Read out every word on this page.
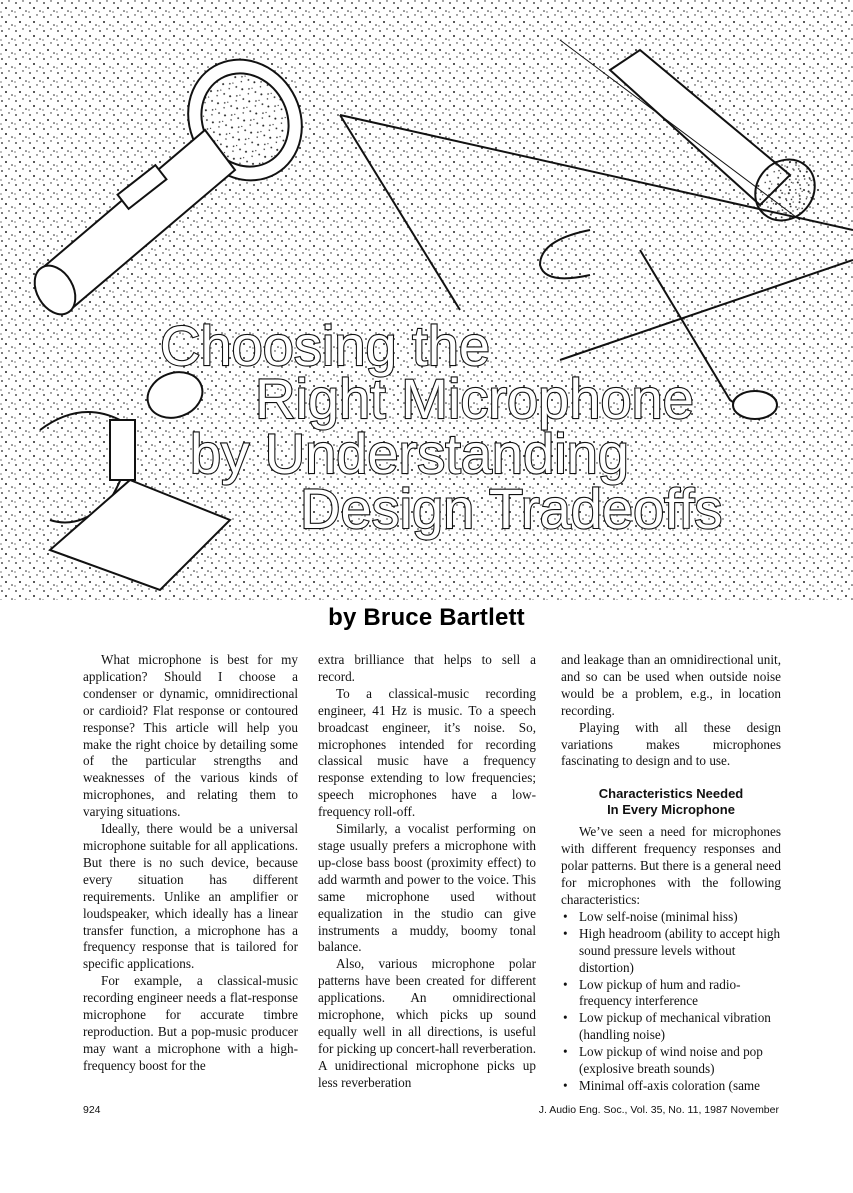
Choosing the
Right Microphone
by Understanding
Design Tradeoffs
by Bruce Bartlett

What microphone is best for my application? Should I choose a condenser or dynamic, omnidirectional or cardioid? Flat response or contoured response? This article will help you make the right choice by detailing some of the particular strengths and weaknesses of the various kinds of microphones, and relating them to varying situations.

Ideally, there would be a universal microphone suitable for all applications. But there is no such device, because every situation has different requirements. Unlike an amplifier or loudspeaker, which ideally has a linear transfer function, a microphone has a frequency response that is tailored for specific applications.

For example, a classical-music recording engineer needs a flat-response microphone for accurate timbre reproduction. But a pop-music producer may want a microphone with a high-frequency boost for the

extra brilliance that helps to sell a record.

To a classical-music recording engineer, 41 Hz is music. To a speech broadcast engineer, it’s noise. So, microphones intended for recording classical music have a frequency response extending to low frequencies; speech microphones have a low-frequency roll-off.

Similarly, a vocalist performing on stage usually prefers a microphone with up-close bass boost (proximity effect) to add warmth and power to the voice. This same microphone used without equalization in the studio can give instruments a muddy, boomy tonal balance.

Also, various microphone polar patterns have been created for different applications. An omnidirectional microphone, which picks up sound equally well in all directions, is useful for picking up concert-hall reverberation. A unidirectional microphone picks up less reverberation

and leakage than an omnidirectional unit, and so can be used when outside noise would be a problem, e.g., in location recording.

Playing with all these design variations makes microphones fascinating to design and to use.

Characteristics Needed
In Every Microphone

We’ve seen a need for microphones with different frequency responses and polar patterns. But there is a general need for microphones with the following characteristics:

• Low self-noise (minimal hiss)
• High headroom (ability to accept high sound pressure levels without distortion)
• Low pickup of hum and radio-frequency interference
• Low pickup of mechanical vibration (handling noise)
• Low pickup of wind noise and pop (explosive breath sounds)
• Minimal off-axis coloration (same
924	J. Audio Eng. Soc., Vol. 35, No. 11, 1987 November
